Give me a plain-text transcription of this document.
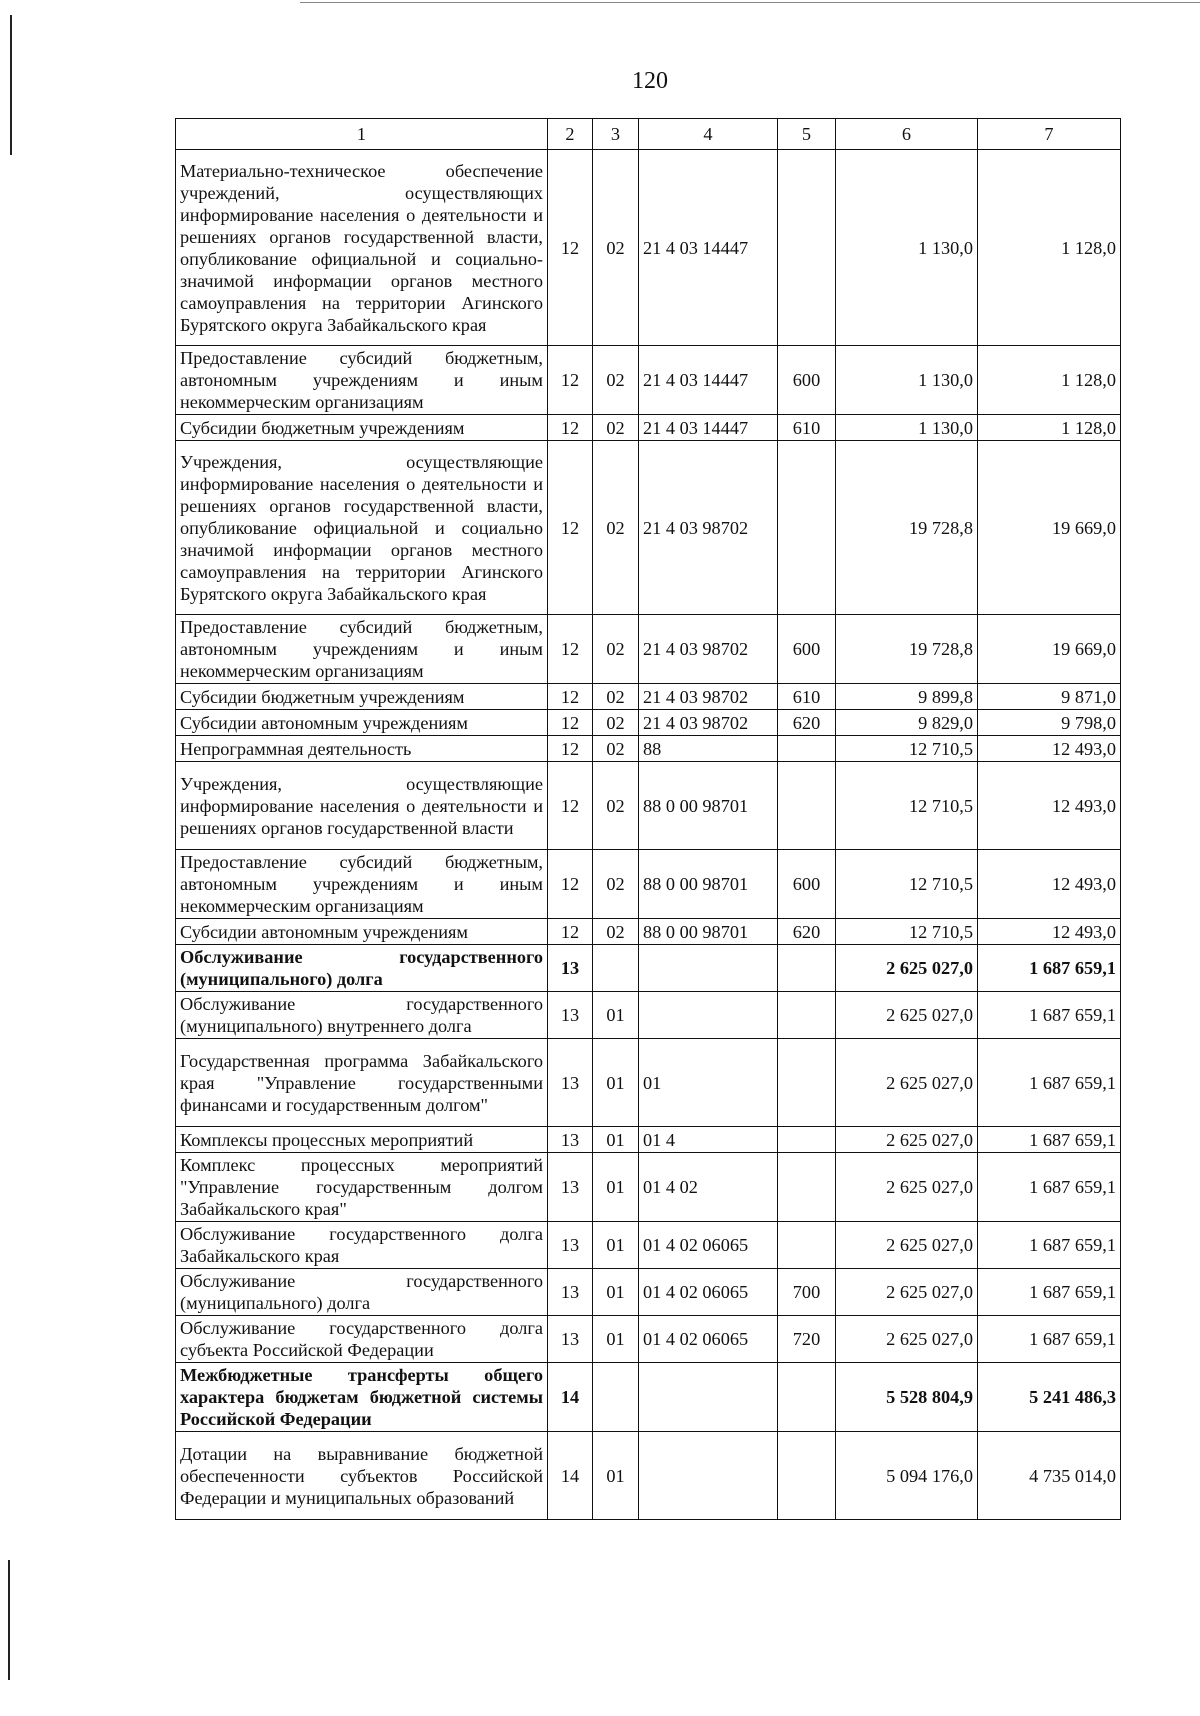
120
1	2	3	4	5	6	7
Материально-техническое обеспечение учреждений, осуществляющих информирование населения о деятельности и решениях органов государственной власти, опубликование официальной и социально-значимой информации органов местного самоуправления на территории Агинского Бурятского округа Забайкальского края	12	02	21 4 03 14447		1 130,0	1 128,0
Предоставление субсидий бюджетным, автономным учреждениям и иным некоммерческим организациям	12	02	21 4 03 14447	600	1 130,0	1 128,0
Субсидии бюджетным учреждениям	12	02	21 4 03 14447	610	1 130,0	1 128,0
Учреждения, осуществляющие информирование населения о деятельности и решениях органов государственной власти, опубликование официальной и социально значимой информации органов местного самоуправления на территории Агинского Бурятского округа Забайкальского края	12	02	21 4 03 98702		19 728,8	19 669,0
Предоставление субсидий бюджетным, автономным учреждениям и иным некоммерческим организациям	12	02	21 4 03 98702	600	19 728,8	19 669,0
Субсидии бюджетным учреждениям	12	02	21 4 03 98702	610	9 899,8	9 871,0
Субсидии автономным учреждениям	12	02	21 4 03 98702	620	9 829,0	9 798,0
Непрограммная деятельность	12	02	88		12 710,5	12 493,0
Учреждения, осуществляющие информирование населения о деятельности и решениях органов государственной власти	12	02	88 0 00 98701		12 710,5	12 493,0
Предоставление субсидий бюджетным, автономным учреждениям и иным некоммерческим организациям	12	02	88 0 00 98701	600	12 710,5	12 493,0
Субсидии автономным учреждениям	12	02	88 0 00 98701	620	12 710,5	12 493,0
Обслуживание государственного (муниципального) долга	13				2 625 027,0	1 687 659,1
Обслуживание государственного (муниципального) внутреннего долга	13	01			2 625 027,0	1 687 659,1
Государственная программа Забайкальского края "Управление государственными финансами и государственным долгом"	13	01	01		2 625 027,0	1 687 659,1
Комплексы процессных мероприятий	13	01	01 4		2 625 027,0	1 687 659,1
Комплекс процессных мероприятий "Управление государственным долгом Забайкальского края"	13	01	01 4 02		2 625 027,0	1 687 659,1
Обслуживание государственного долга Забайкальского края	13	01	01 4 02 06065		2 625 027,0	1 687 659,1
Обслуживание государственного (муниципального) долга	13	01	01 4 02 06065	700	2 625 027,0	1 687 659,1
Обслуживание государственного долга субъекта Российской Федерации	13	01	01 4 02 06065	720	2 625 027,0	1 687 659,1
Межбюджетные трансферты общего характера бюджетам бюджетной системы Российской Федерации	14				5 528 804,9	5 241 486,3
Дотации на выравнивание бюджетной обеспеченности субъектов Российской Федерации и муниципальных образований	14	01			5 094 176,0	4 735 014,0
